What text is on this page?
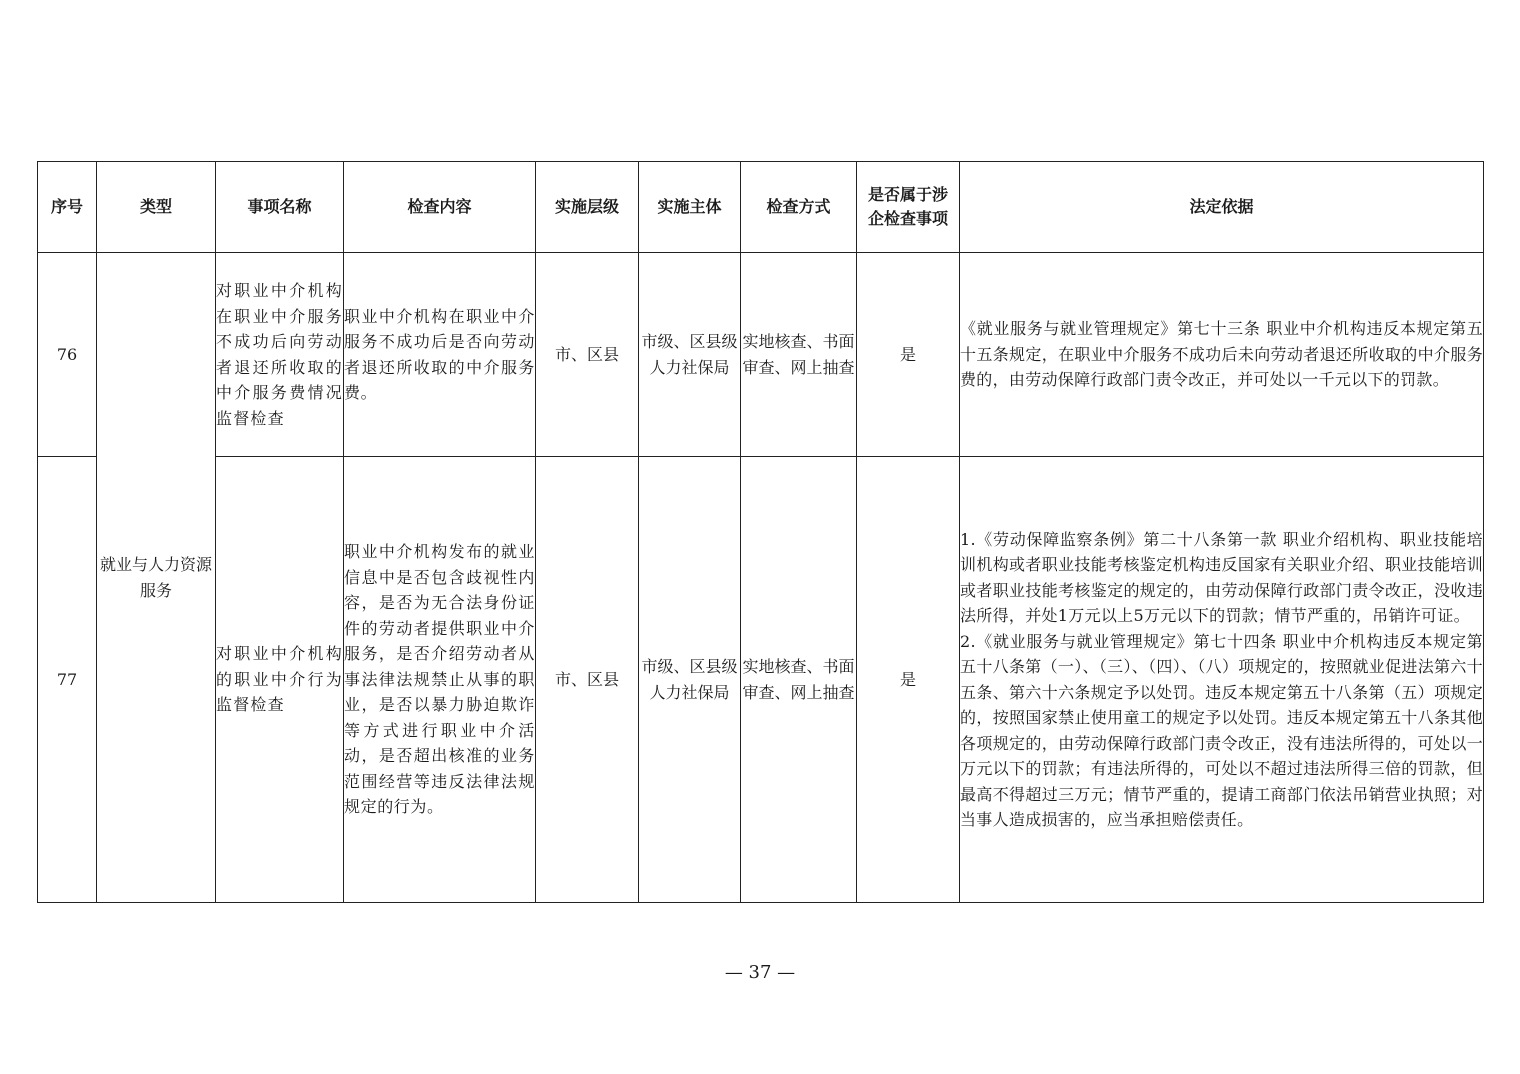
序号	类型	事项名称	检查内容	实施层级	实施主体	检查方式	是否属于涉企检查事项	法定依据
76	就业与人力资源服务	对职业中介机构在职业中介服务不成功后向劳动者退还所收取的中介服务费情况监督检查	职业中介机构在职业中介服务不成功后是否向劳动者退还所收取的中介服务费。	市、区县	市级、区县级人力社保局	实地核查、书面审查、网上抽查	是	《就业服务与就业管理规定》第七十三条 职业中介机构违反本规定第五十五条规定，在职业中介服务不成功后未向劳动者退还所收取的中介服务费的，由劳动保障行政部门责令改正，并可处以一千元以下的罚款。
77		对职业中介机构的职业中介行为监督检查	职业中介机构发布的就业信息中是否包含歧视性内容，是否为无合法身份证件的劳动者提供职业中介服务，是否介绍劳动者从事法律法规禁止从事的职业，是否以暴力胁迫欺诈等方式进行职业中介活动，是否超出核准的业务范围经营等违反法律法规规定的行为。	市、区县	市级、区县级人力社保局	实地核查、书面审查、网上抽查	是	1.《劳动保障监察条例》第二十八条第一款 职业介绍机构、职业技能培训机构或者职业技能考核鉴定机构违反国家有关职业介绍、职业技能培训或者职业技能考核鉴定的规定的，由劳动保障行政部门责令改正，没收违法所得，并处1万元以上5万元以下的罚款；情节严重的，吊销许可证。
2.《就业服务与就业管理规定》第七十四条 职业中介机构违反本规定第五十八条第（一）、（三）、（四）、（八）项规定的，按照就业促进法第六十五条、第六十六条规定予以处罚。违反本规定第五十八条第（五）项规定的，按照国家禁止使用童工的规定予以处罚。违反本规定第五十八条其他各项规定的，由劳动保障行政部门责令改正，没有违法所得的，可处以一万元以下的罚款；有违法所得的，可处以不超过违法所得三倍的罚款，但最高不得超过三万元；情节严重的，提请工商部门依法吊销营业执照；对当事人造成损害的，应当承担赔偿责任。
— 37 —
